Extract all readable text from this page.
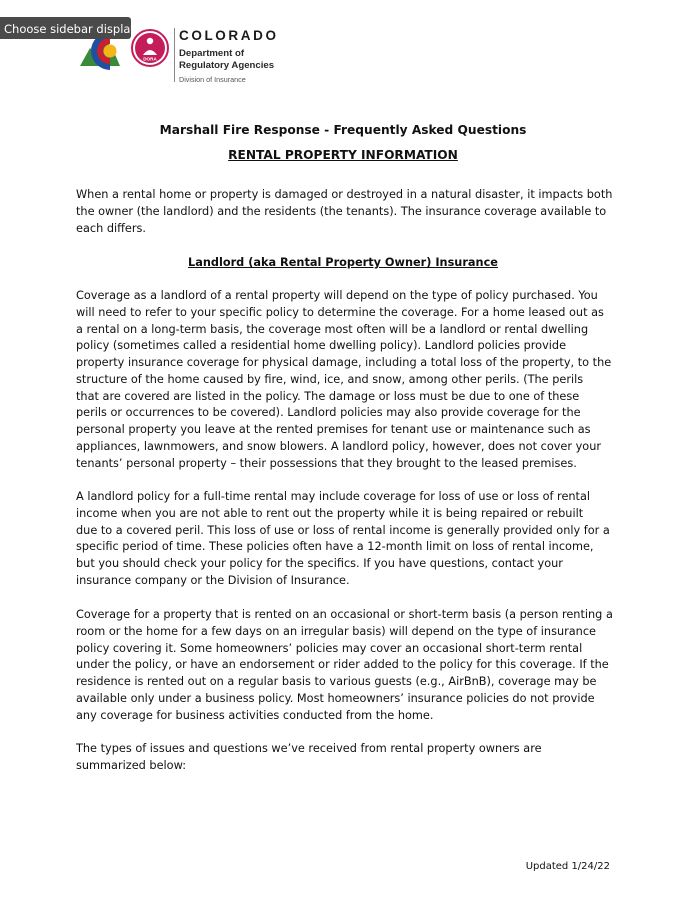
Choose sidebar display
DORA
COLORADO
Department of
Regulatory Agencies
Division of Insurance
Marshall Fire Response - Frequently Asked Questions
RENTAL PROPERTY INFORMATION

When a rental home or property is damaged or destroyed in a natural disaster, it impacts both
the owner (the landlord) and the residents (the tenants). The insurance coverage available to
each differs.

Landlord (aka Rental Property Owner) Insurance

Coverage as a landlord of a rental property will depend on the type of policy purchased. You
will need to refer to your specific policy to determine the coverage. For a home leased out as
a rental on a long-term basis, the coverage most often will be a landlord or rental dwelling
policy (sometimes called a residential home dwelling policy). Landlord policies provide
property insurance coverage for physical damage, including a total loss of the property, to the
structure of the home caused by fire, wind, ice, and snow, among other perils. (The perils
that are covered are listed in the policy. The damage or loss must be due to one of these
perils or occurrences to be covered). Landlord policies may also provide coverage for the
personal property you leave at the rented premises for tenant use or maintenance such as
appliances, lawnmowers, and snow blowers. A landlord policy, however, does not cover your
tenants’ personal property – their possessions that they brought to the leased premises.

A landlord policy for a full-time rental may include coverage for loss of use or loss of rental
income when you are not able to rent out the property while it is being repaired or rebuilt
due to a covered peril. This loss of use or loss of rental income is generally provided only for a
specific period of time. These policies often have a 12-month limit on loss of rental income,
but you should check your policy for the specifics. If you have questions, contact your
insurance company or the Division of Insurance.

Coverage for a property that is rented on an occasional or short-term basis (a person renting a
room or the home for a few days on an irregular basis) will depend on the type of insurance
policy covering it. Some homeowners’ policies may cover an occasional short-term rental
under the policy, or have an endorsement or rider added to the policy for this coverage. If the
residence is rented out on a regular basis to various guests (e.g., AirBnB), coverage may be
available only under a business policy. Most homeowners’ insurance policies do not provide
any coverage for business activities conducted from the home.

The types of issues and questions we’ve received from rental property owners are
summarized below:

Updated 1/24/22
